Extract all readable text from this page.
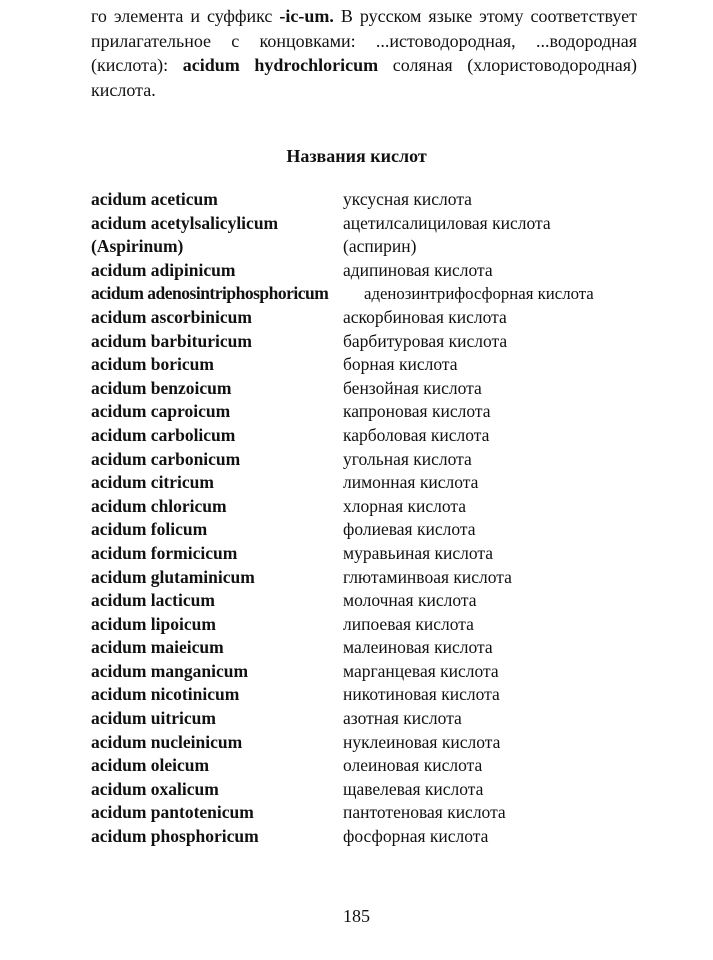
го элемента и суффикс -ic-um. В русском языке этому соответствует прилагательное с концовками: ...истоводородная, ...водородная (кислота): acidum hydrochloricum соляная (хлористоводородная) кислота.

Названия кислот
acidum aceticum	уксусная кислота
acidum acetylsalicylicum	ацетилсалициловая кислота
(Aspirinum)	(аспирин)
acidum adipinicum	адипиновая кислота
acidum adenosintriphosphoricum аденозинтрифосфорная кислота
acidum ascorbinicum	аскорбиновая кислота
acidum barbituricum	барбитуровая кислота
acidum boricum	борная кислота
acidum benzoicum	бензойная кислота
acidum caproicum	капроновая кислота
acidum carbolicum	карболовая кислота
acidum carbonicum	угольная кислота
acidum citricum	лимонная кислота
acidum chloricum	хлорная кислота
acidum folicum	фолиевая кислота
acidum formicicum	муравьиная кислота
acidum glutaminicum	глютаминвоая кислота
acidum lacticum	молочная кислота
acidum lipoicum	липоевая кислота
acidum maieicum	малеиновая кислота
acidum manganicum	марганцевая кислота
acidum nicotinicum	никотиновая кислота
acidum uitricum	азотная кислота
acidum nucleinicum	нуклеиновая кислота
acidum oleicum	олеиновая кислота
acidum oxalicum	щавелевая кислота
acidum pantotenicum	пантотеновая кислота
acidum phosphoricum	фосфорная кислота

185
